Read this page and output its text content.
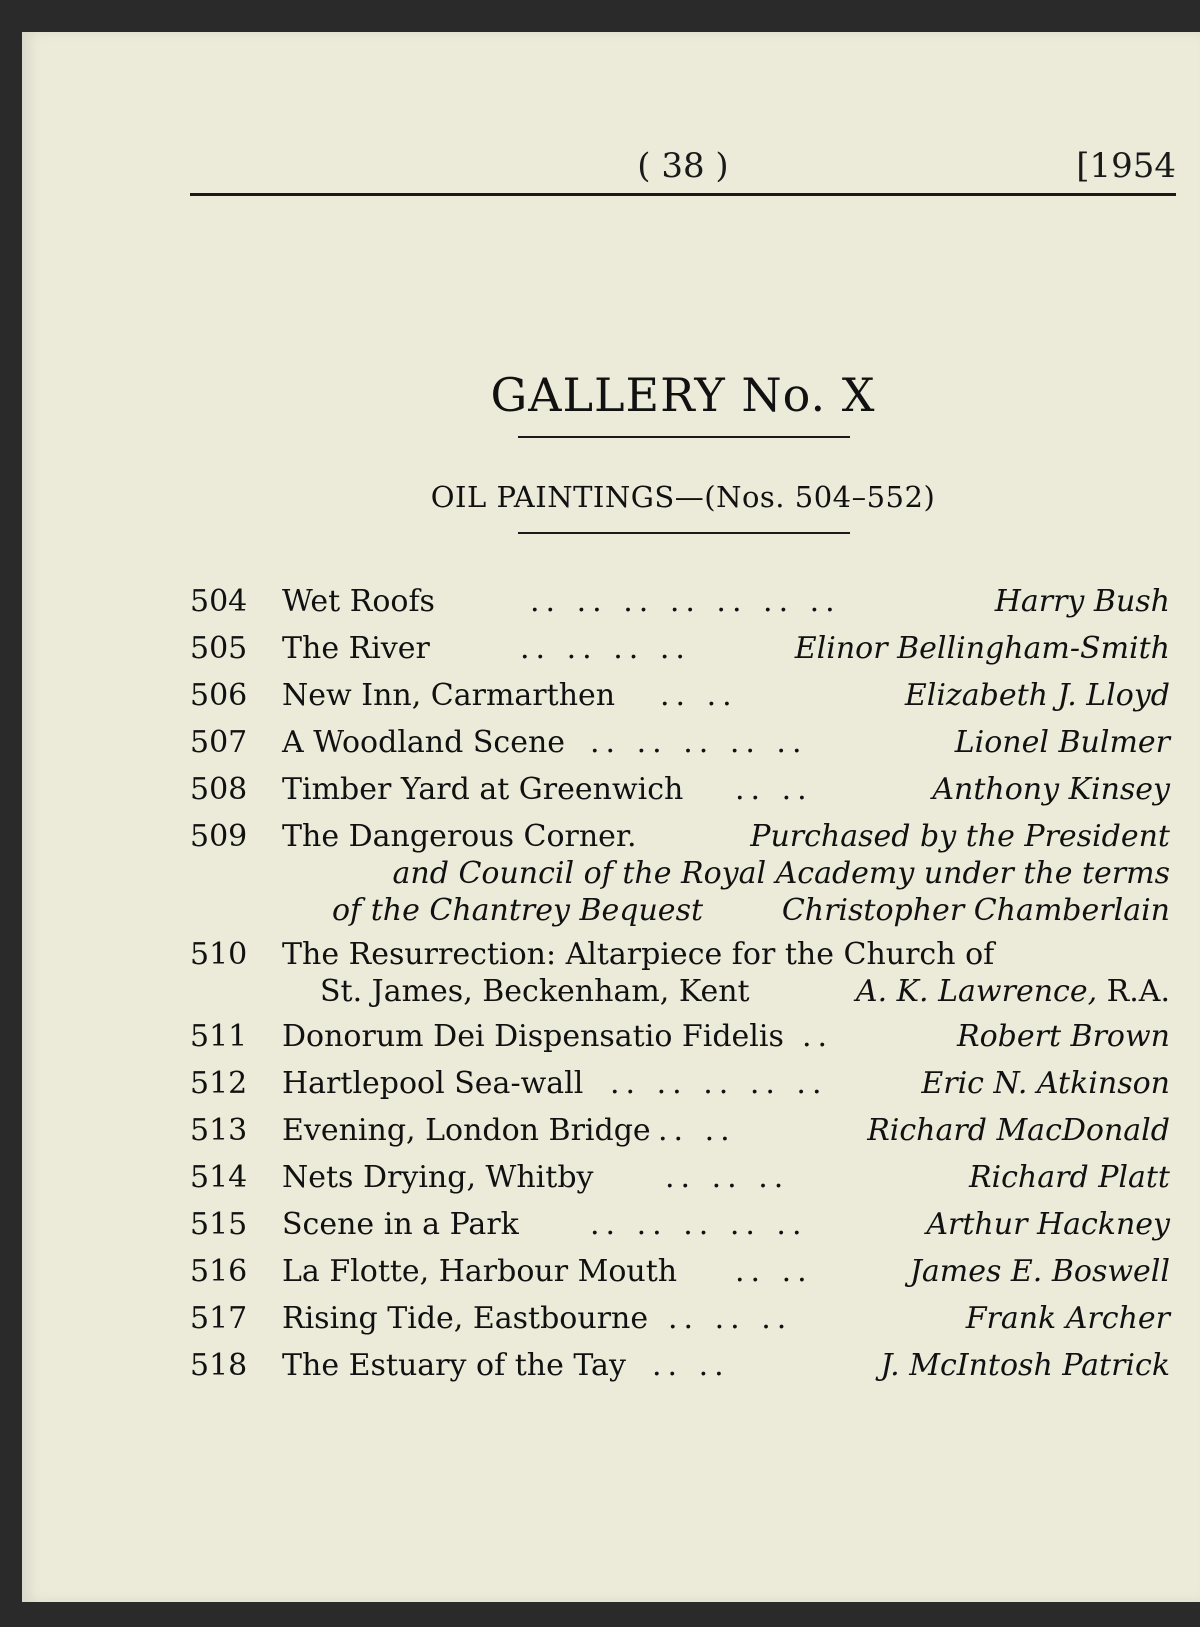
( 38 )	[1954
GALLERY No. X
OIL PAINTINGS—(Nos. 504–552)
504	Wet Roofs	.. .. .. .. .. .. ..	Harry Bush
505	The River	.. .. .. ..	Elinor Bellingham-Smith
506	New Inn, Carmarthen .. ..	Elizabeth J. Lloyd
507	A Woodland Scene .. .. .. .. ..	Lionel Bulmer
508	Timber Yard at Greenwich .. ..	Anthony Kinsey
509	The Dangerous Corner.	Purchased by the President
and Council of the Royal Academy under the terms
of the Chantrey Bequest	Christopher Chamberlain
510	The Resurrection: Altarpiece for the Church of
St. James, Beckenham, Kent	A. K. Lawrence, R.A.
511	Donorum Dei Dispensatio Fidelis ..	Robert Brown
512	Hartlepool Sea-wall .. .. .. .. ..	Eric N. Atkinson
513	Evening, London Bridge .. ..	Richard MacDonald
514	Nets Drying, Whitby .. .. ..	Richard Platt
515	Scene in a Park .. .. .. .. ..	Arthur Hackney
516	La Flotte, Harbour Mouth .. ..	James E. Boswell
517	Rising Tide, Eastbourne .. .. ..	Frank Archer
518	The Estuary of the Tay .. ..	J. McIntosh Patrick
